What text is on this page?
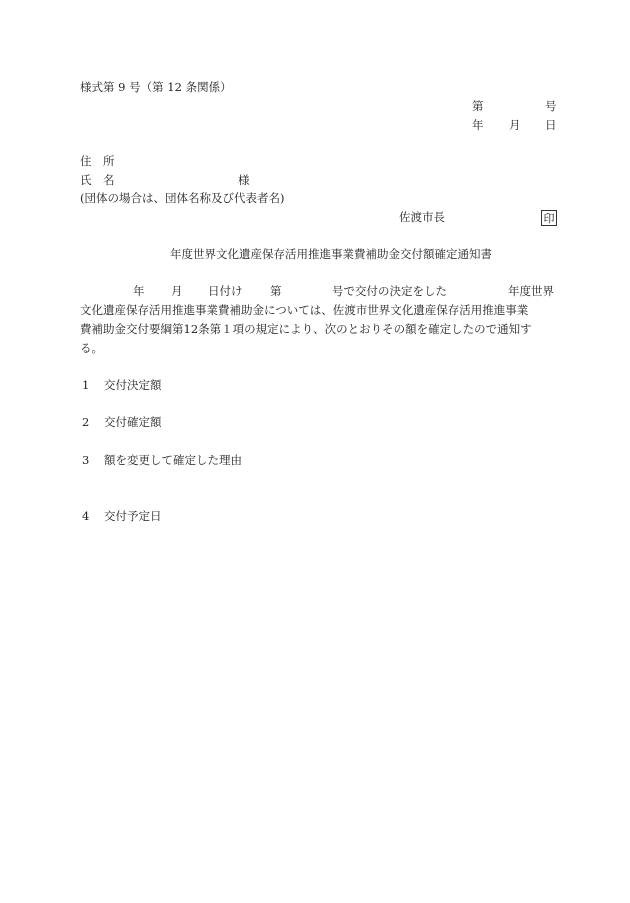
様式第 9 号（第 12 条関係）
第	号
年 月 日
住　所
氏　名	様
(団体の場合は、団体名称及び代表者名)
佐渡市長	印
年度世界文化遺産保存活用推進事業費補助金交付額確定通知書
年 月 日付け 第	号で交付の決定をした	年度世界
文化遺産保存活用推進事業費補助金については、佐渡市世界文化遺産保存活用推進事業
費補助金交付要綱第12条第１項の規定により、次のとおりその額を確定したので通知す
る。
1 交付決定額
2 交付確定額
3 額を変更して確定した理由
4 交付予定日
